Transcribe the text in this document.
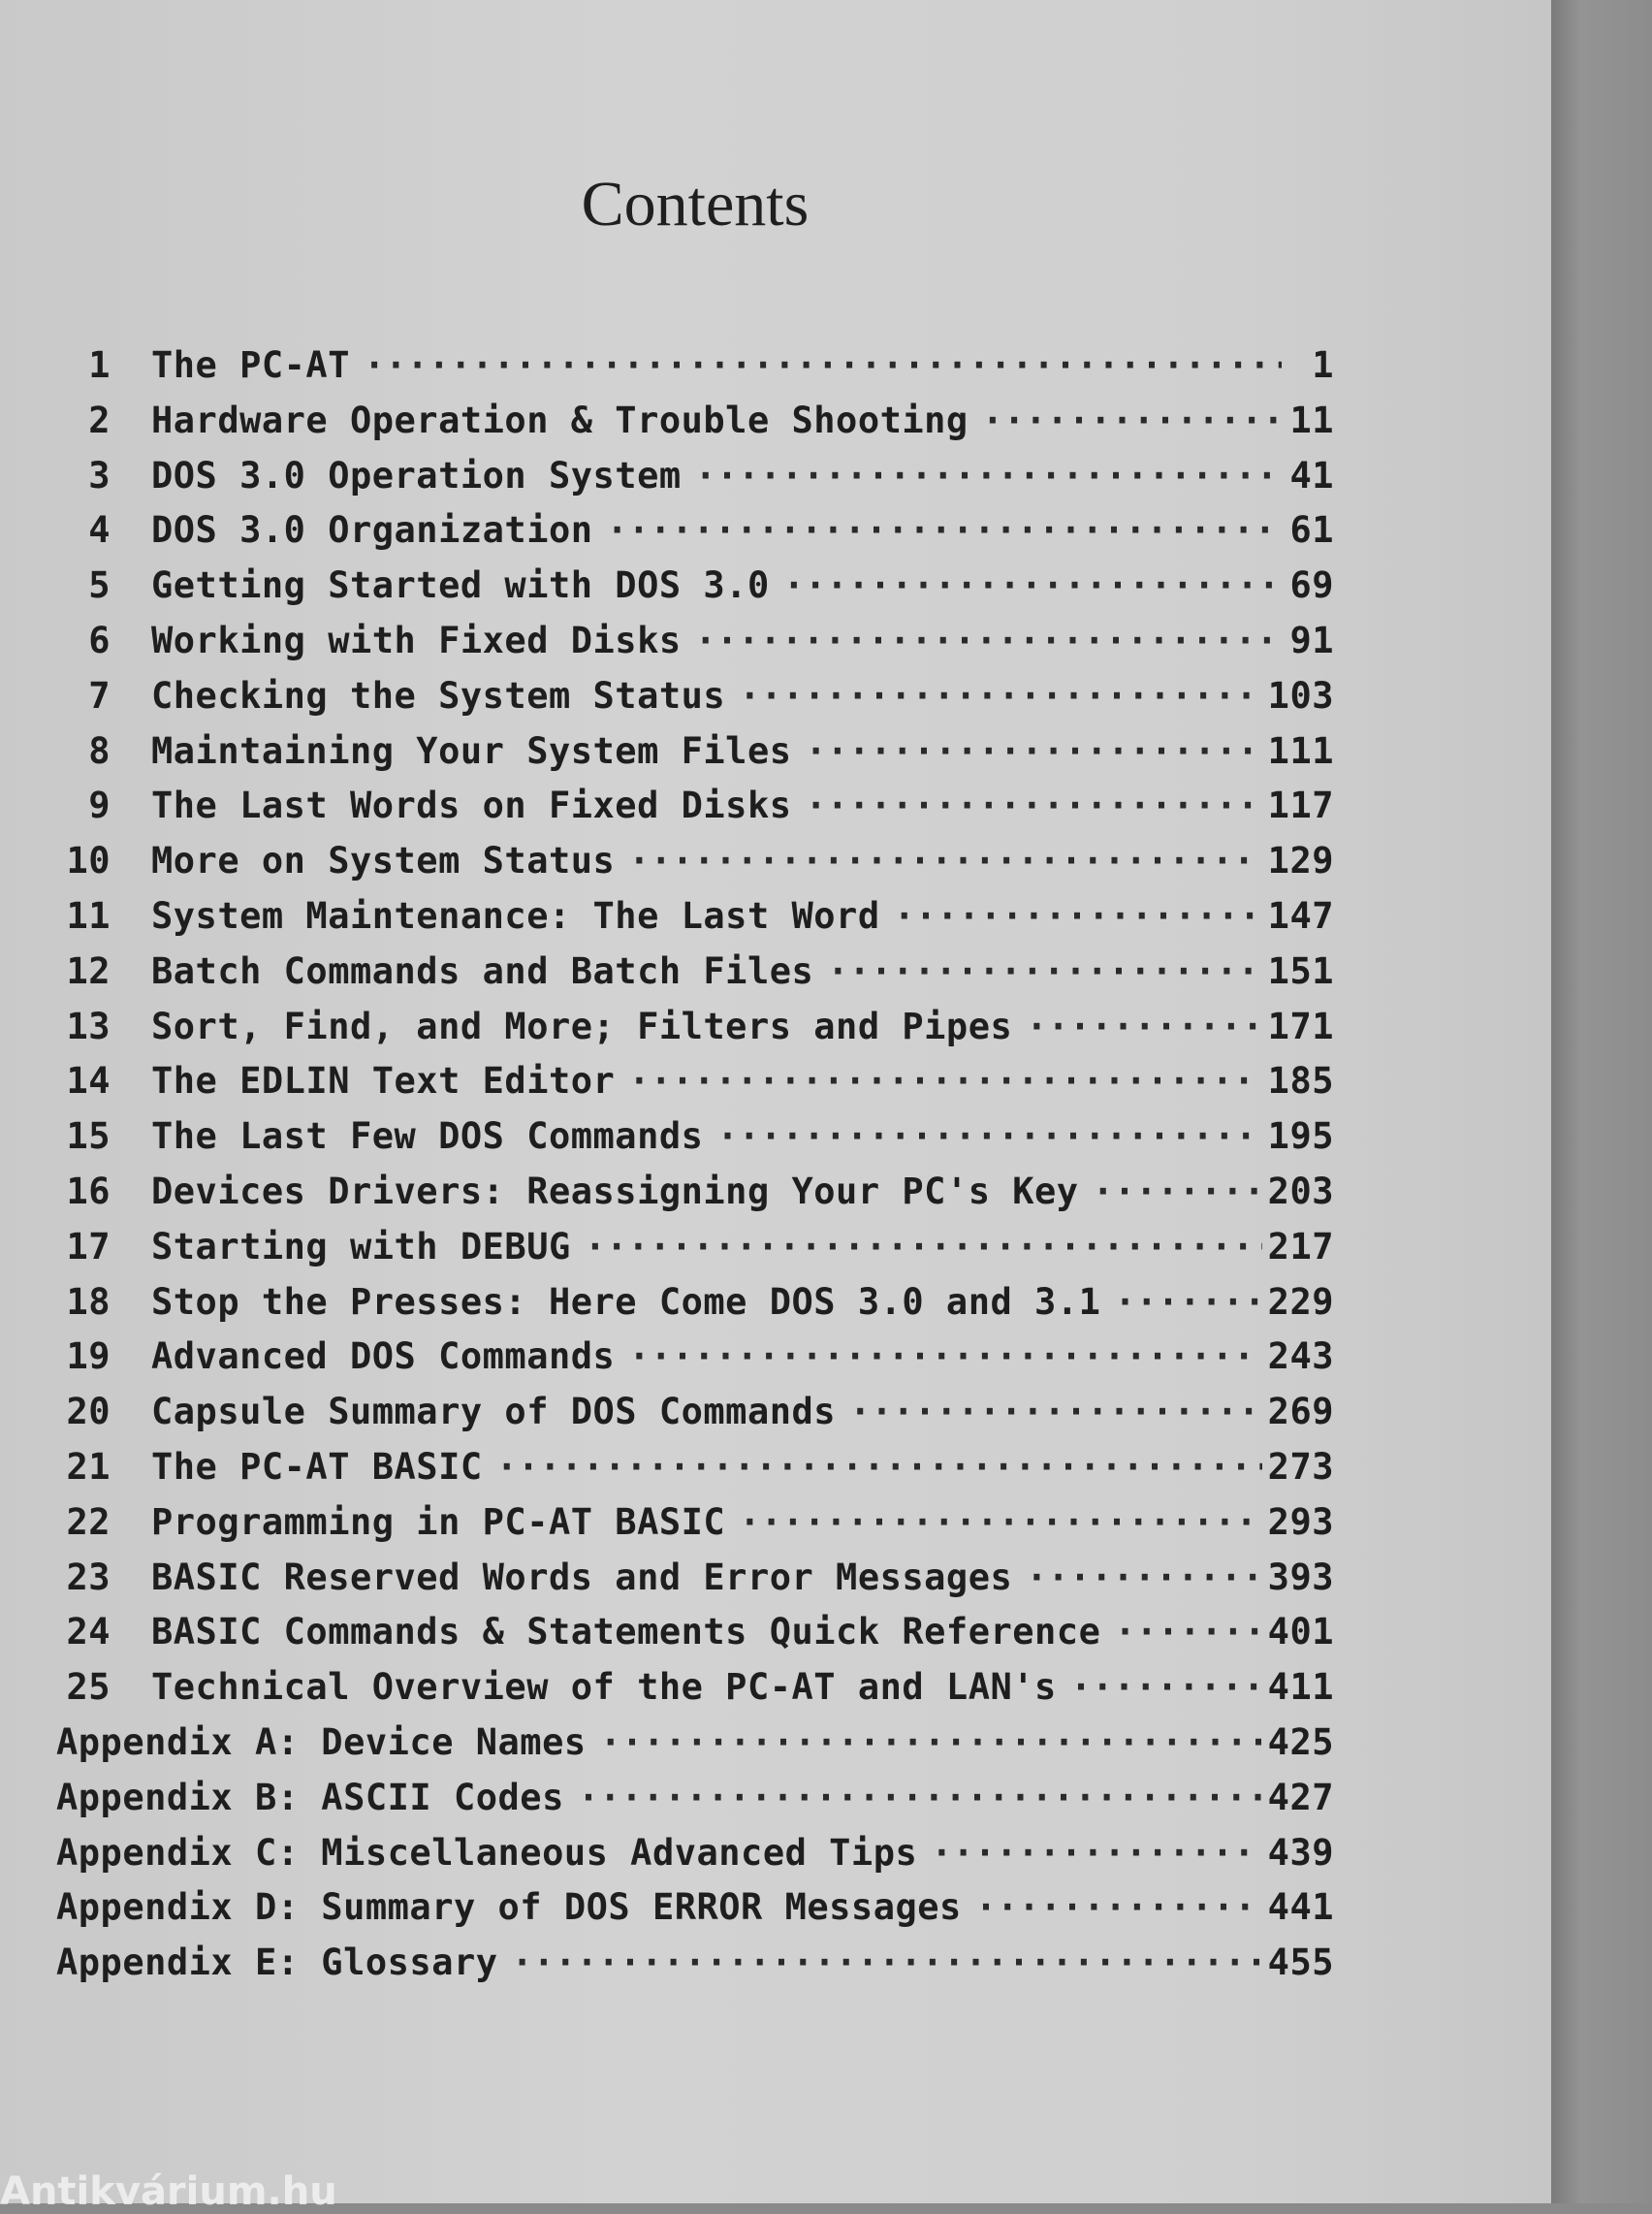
Contents
1 The PC-AT ·····	1
2 Hardware Operation & Trouble Shooting ·····	11
3 DOS 3.0 Operation System ·····	41
4 DOS 3.0 Organization ·····	61
5 Getting Started with DOS 3.0 ·····	69
6 Working with Fixed Disks ·····	91
7 Checking the System Status ·····	103
8 Maintaining Your System Files ·····	111
9 The Last Words on Fixed Disks ·····	117
10 More on System Status ·····	129
11 System Maintenance: The Last Word ·····	147
12 Batch Commands and Batch Files ·····	151
13 Sort, Find, and More; Filters and Pipes ·····	171
14 The EDLIN Text Editor ·····	185
15 The Last Few DOS Commands ·····	195
16 Devices Drivers: Reassigning Your PC's Key ·····	203
17 Starting with DEBUG ·····	217
18 Stop the Presses: Here Come DOS 3.0 and 3.1 ·····	229
19 Advanced DOS Commands ·····	243
20 Capsule Summary of DOS Commands ·····	269
21 The PC-AT BASIC ·····	273
22 Programming in PC-AT BASIC ·····	293
23 BASIC Reserved Words and Error Messages ·····	393
24 BASIC Commands & Statements Quick Reference ·····	401
25 Technical Overview of the PC-AT and LAN's ·····	411
Appendix A: Device Names ·····	425
Appendix B: ASCII Codes ·····	427
Appendix C: Miscellaneous Advanced Tips ·····	439
Appendix D: Summary of DOS ERROR Messages ·····	441
Appendix E: Glossary ·····	455
Antikvárium.hu
